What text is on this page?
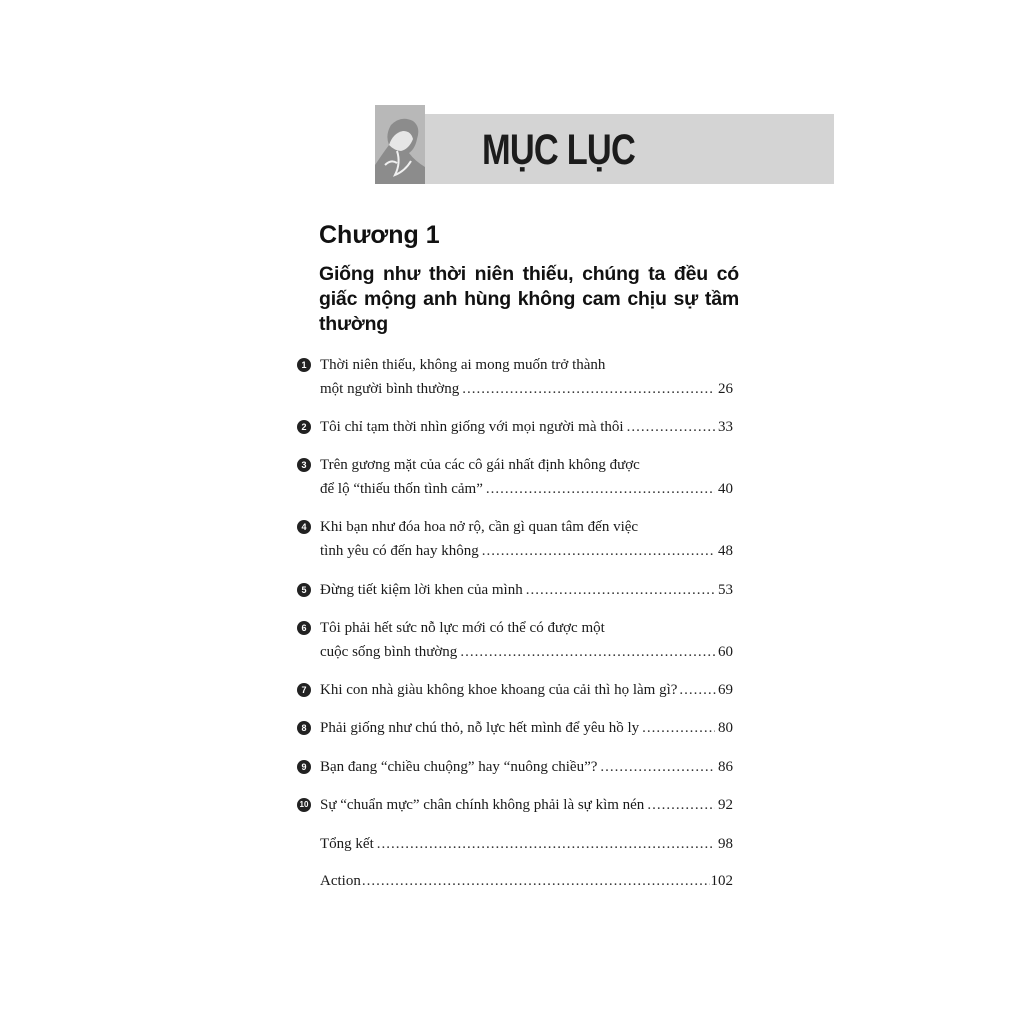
MỤC LỤC
Chương 1
Giống như thời niên thiếu, chúng ta đều có giấc mộng anh hùng không cam chịu sự tầm thường
1 Thời niên thiếu, không ai mong muốn trở thành
một người bình thường .....	26
2 Tôi chỉ tạm thời nhìn giống với mọi người mà thôi .....	33
3 Trên gương mặt của các cô gái nhất định không được
để lộ “thiếu thốn tình cảm” .....	40
4 Khi bạn như đóa hoa nở rộ, cần gì quan tâm đến việc
tình yêu có đến hay không .....	48
5 Đừng tiết kiệm lời khen của mình .....	53
6 Tôi phải hết sức nỗ lực mới có thể có được một
cuộc sống bình thường .....	60
7 Khi con nhà giàu không khoe khoang của cải thì họ làm gì? .....	69
8 Phải giống như chú thỏ, nỗ lực hết mình để yêu hồ ly .....	80
9 Bạn đang “chiều chuộng” hay “nuông chiều”? .....	86
10 Sự “chuẩn mực” chân chính không phải là sự kìm nén .....	92
Tổng kết .....	98
Action .....	102
